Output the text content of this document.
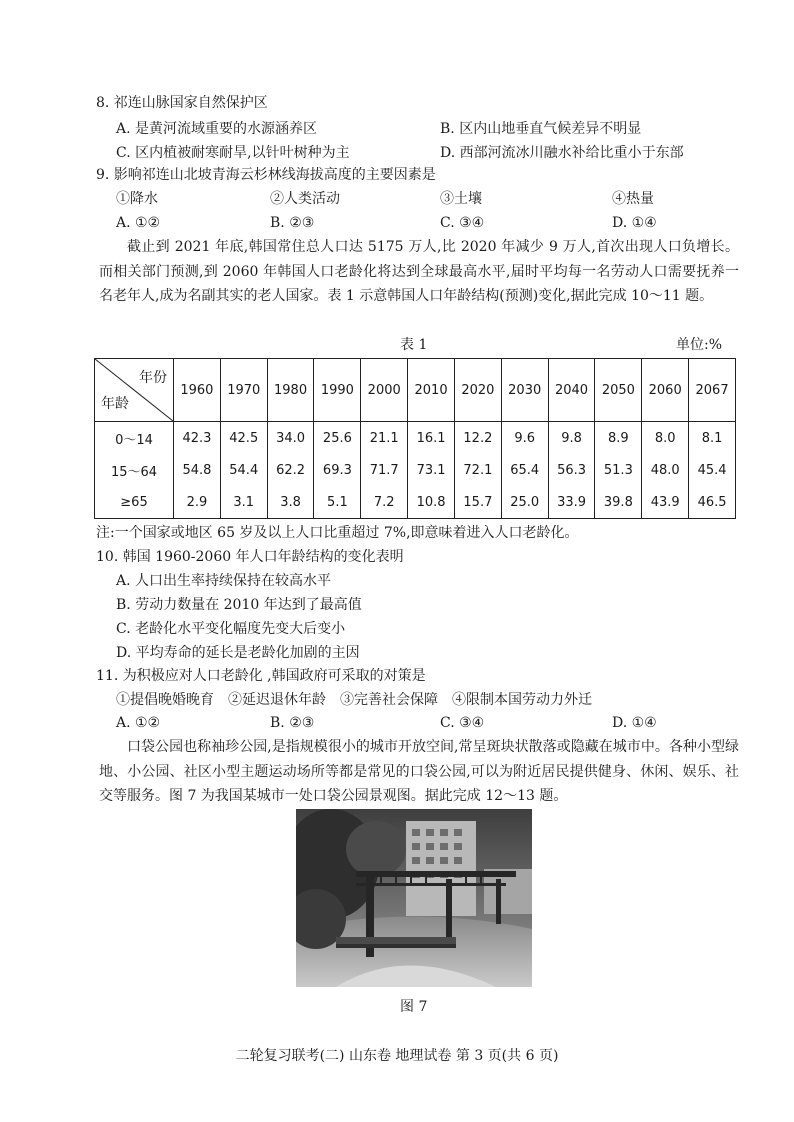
8. 祁连山脉国家自然保护区
A. 是黄河流域重要的水源涵养区	B. 区内山地垂直气候差异不明显
C. 区内植被耐寒耐旱,以针叶树种为主	D. 西部河流冰川融水补给比重小于东部
9. 影响祁连山北坡青海云杉林线海拔高度的主要因素是
①降水	②人类活动	③土壤	④热量
A. ①②	B. ②③	C. ③④	D. ①④

截止到 2021 年底,韩国常住总人口达 5175 万人,比 2020 年减少 9 万人,首次出现人口负增长。而相关部门预测,到 2060 年韩国人口老龄化将达到全球最高水平,届时平均每一名劳动人口需要抚养一名老年人,成为名副其实的老人国家。表 1 示意韩国人口年龄结构(预测)变化,据此完成 10～11 题。

表 1	单位:%
年份
年龄	1960	1970	1980	1990	2000	2010	2020	2030	2040	2050	2060	2067
0～14	42.3	42.5	34.0	25.6	21.1	16.1	12.2	9.6	9.8	8.9	8.0	8.1
15～64	54.8	54.4	62.2	69.3	71.7	73.1	72.1	65.4	56.3	51.3	48.0	45.4
≥65	2.9	3.1	3.8	5.1	7.2	10.8	15.7	25.0	33.9	39.8	43.9	46.5
注:一个国家或地区 65 岁及以上人口比重超过 7%,即意味着进入人口老龄化。
10. 韩国 1960-2060 年人口年龄结构的变化表明
A. 人口出生率持续保持在较高水平
B. 劳动力数量在 2010 年达到了最高值
C. 老龄化水平变化幅度先变大后变小
D. 平均寿命的延长是老龄化加剧的主因
11. 为积极应对人口老龄化 ,韩国政府可采取的对策是
①提倡晚婚晚育　②延迟退休年龄　③完善社会保障　④限制本国劳动力外迁
A. ①②	B. ②③	C. ③④	D. ①④

口袋公园也称袖珍公园,是指规模很小的城市开放空间,常呈斑块状散落或隐藏在城市中。各种小型绿地、小公园、社区小型主题运动场所等都是常见的口袋公园,可以为附近居民提供健身、休闲、娱乐、社交等服务。图 7 为我国某城市一处口袋公园景观图。据此完成 12～13 题。

图 7
二轮复习联考(二) 山东卷 地理试卷 第 3 页(共 6 页)
